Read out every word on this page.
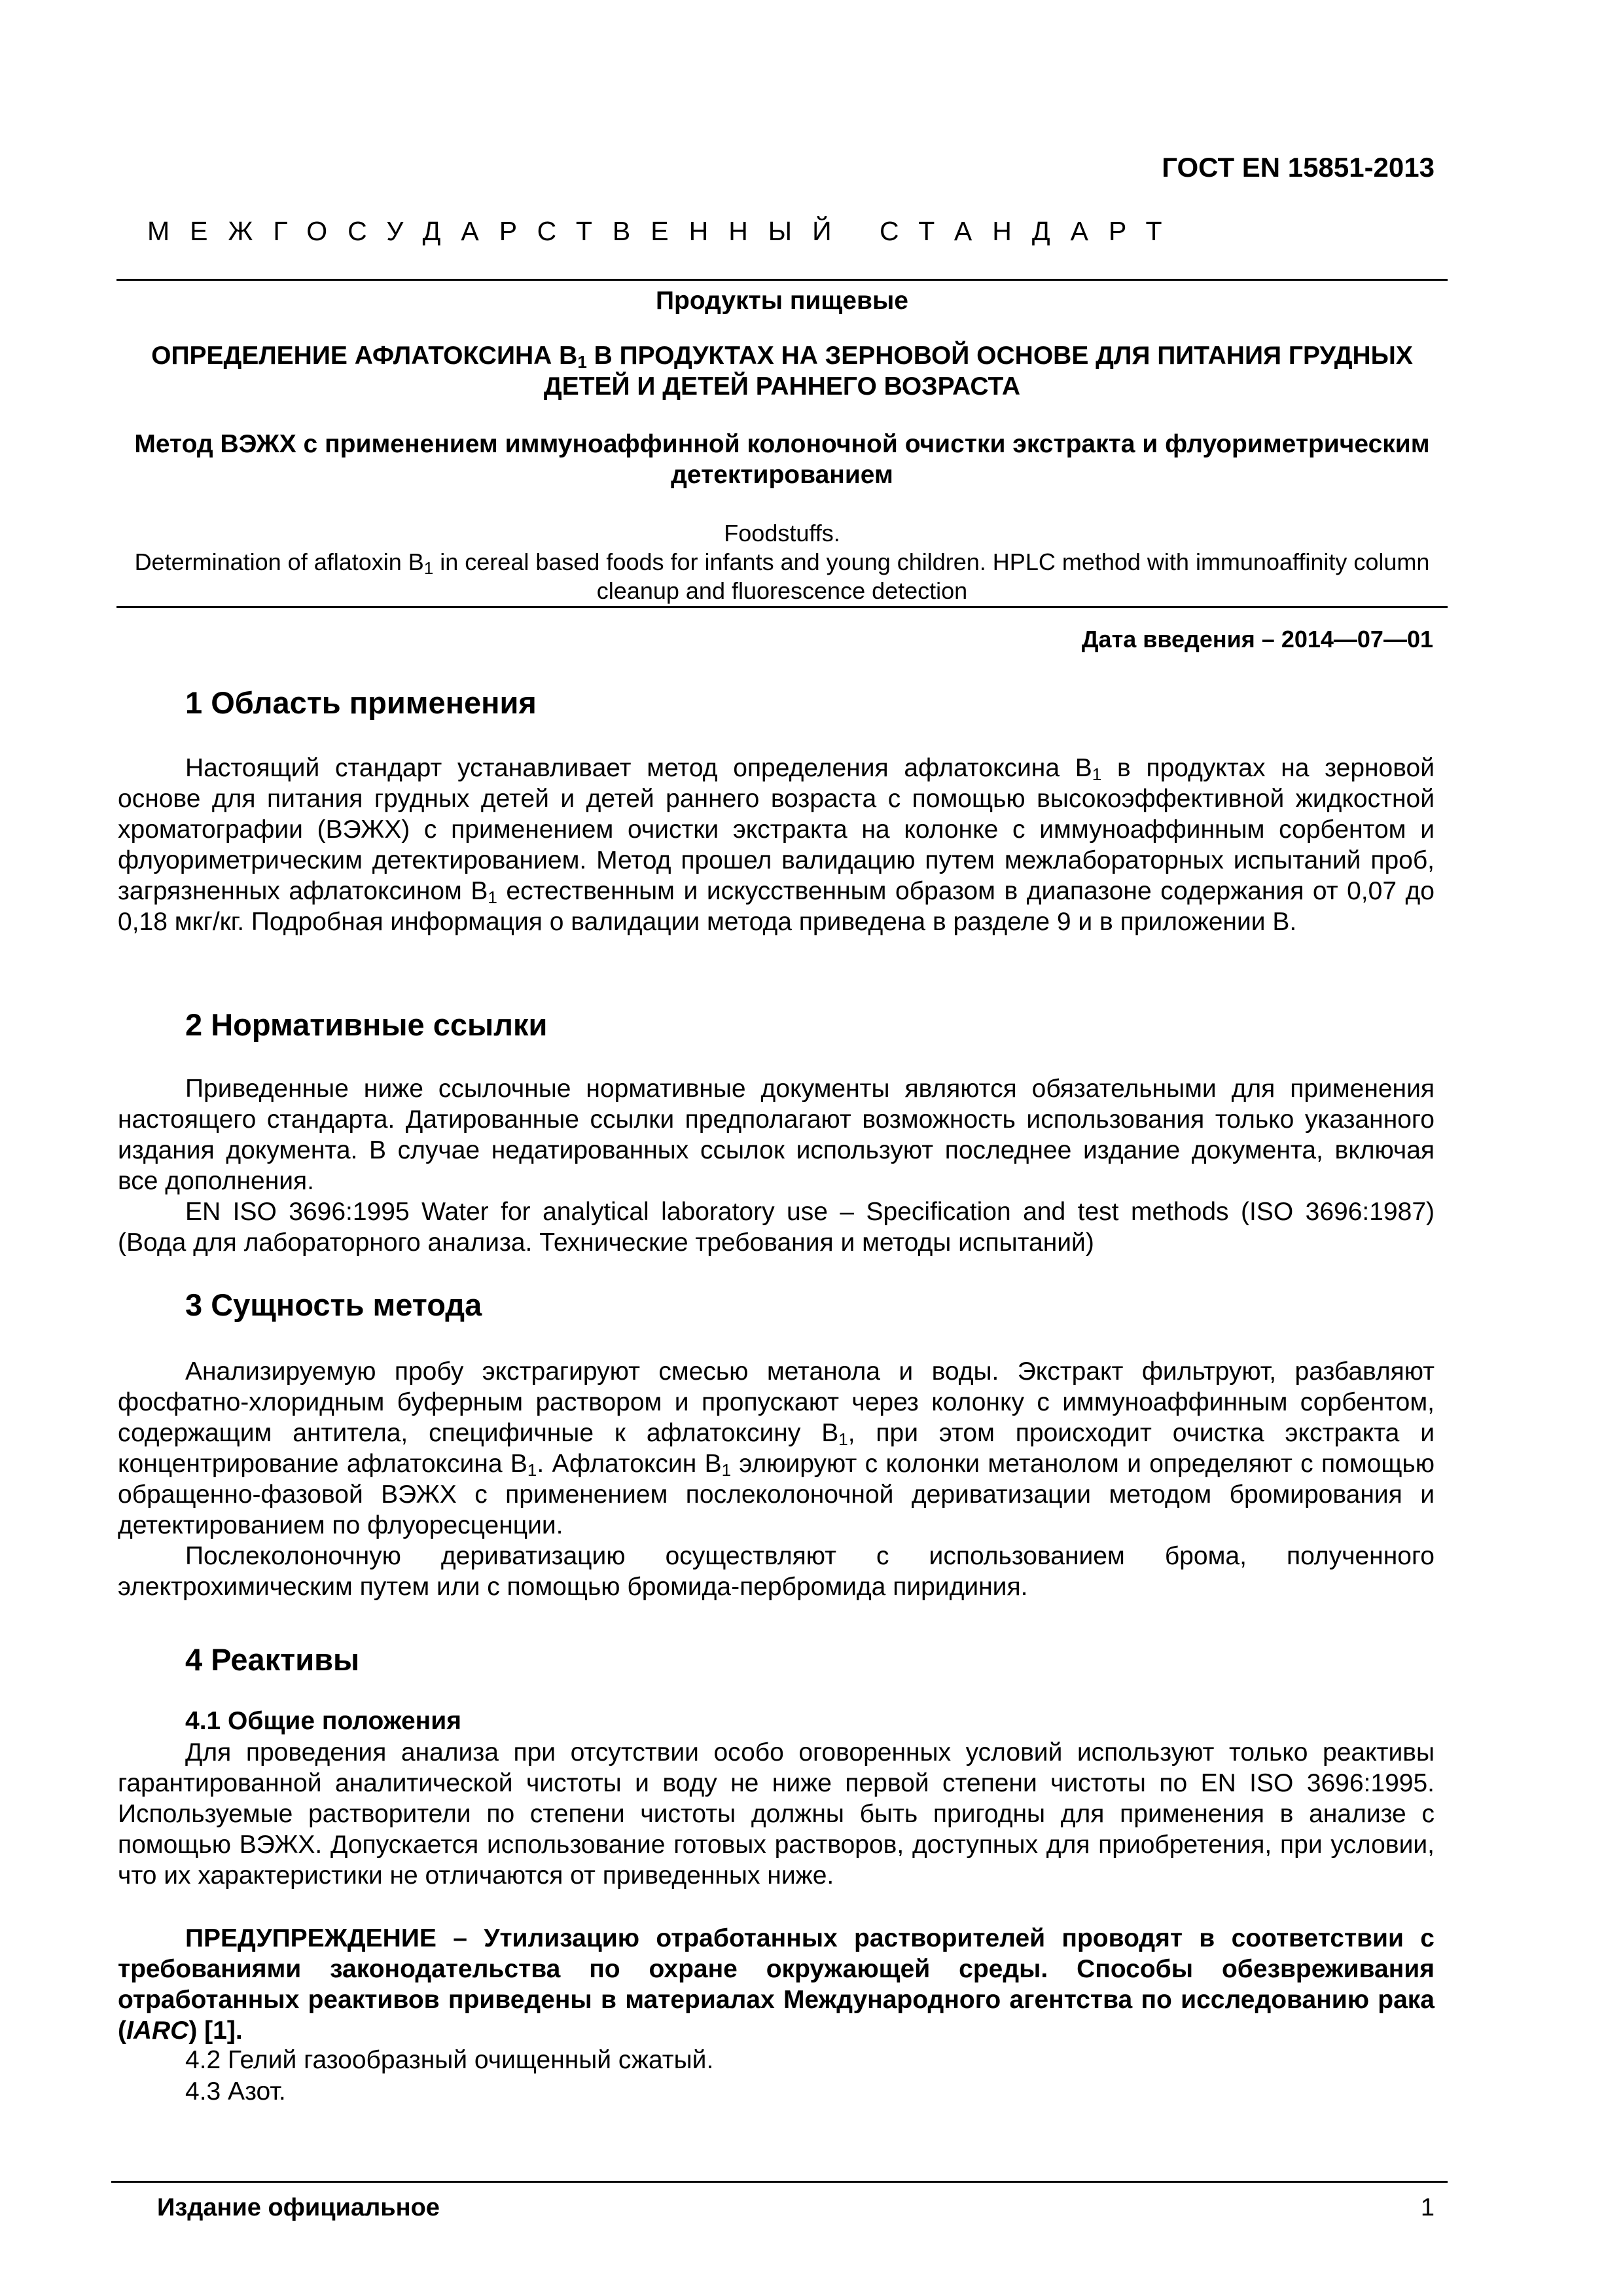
ГОСТ EN 15851-2013
МЕЖГОСУДАРСТВЕННЫЙ СТАНДАРТ
Продукты пищевые
ОПРЕДЕЛЕНИЕ АФЛАТОКСИНА $B_1$ В ПРОДУКТАХ НА ЗЕРНОВОЙ ОСНОВЕ ДЛЯ ПИТАНИЯ ГРУДНЫХ ДЕТЕЙ И ДЕТЕЙ РАННЕГО ВОЗРАСТА
Метод ВЭЖХ с применением иммуноаффинной колоночной очистки экстракта и флуориметрическим детектированием
Foodstuffs.
Determination of aflatoxin $B_1$ in cereal based foods for infants and young children. HPLC method with immunoaffinity column cleanup and fluorescence detection
Дата введения – 2014—07—01
1 Область применения

Настоящий стандарт устанавливает метод определения афлатоксина $B_1$ в продуктах на зерновой основе для питания грудных детей и детей раннего возраста с помощью высокоэффективной жидкостной хроматографии (ВЭЖХ) с применением очистки экстракта на колонке с иммуноаффинным сорбентом и флуориметрическим детектированием. Метод прошел валидацию путем межлабораторных испытаний проб, загрязненных афлатоксином $B_1$ естественным и искусственным образом в диапазоне содержания от 0,07 до 0,18 мкг/кг. Подробная информация о валидации метода приведена в разделе 9 и в приложении В.

2 Нормативные ссылки

Приведенные ниже ссылочные нормативные документы являются обязательными для применения настоящего стандарта. Датированные ссылки предполагают возможность использования только указанного издания документа. В случае недатированных ссылок используют последнее издание документа, включая все дополнения.

EN ISO 3696:1995 Water for analytical laboratory use – Specification and test methods (ISO 3696:1987) (Вода для лабораторного анализа. Технические требования и методы испытаний)

3 Сущность метода

Анализируемую пробу экстрагируют смесью метанола и воды. Экстракт фильтруют, разбавляют фосфатно-хлоридным буферным раствором и пропускают через колонку с иммуноаффинным сорбентом, содержащим антитела, специфичные к афлатоксину $B_1$, при этом происходит очистка экстракта и концентрирование афлатоксина $B_1$. Афлатоксин $B_1$ элюируют с колонки метанолом и определяют с помощью обращенно-фазовой ВЭЖХ с применением послеколоночной дериватизации методом бромирования и детектированием по флуоресценции.

Послеколоночную дериватизацию осуществляют с использованием брома, полученного электрохимическим путем или с помощью бромида-пербромида пиридиния.

4 Реактивы
4.1 Общие положения

Для проведения анализа при отсутствии особо оговоренных условий используют только реактивы гарантированной аналитической чистоты и воду не ниже первой степени чистоты по EN ISO 3696:1995. Используемые растворители по степени чистоты должны быть пригодны для применения в анализе с помощью ВЭЖХ. Допускается использование готовых растворов, доступных для приобретения, при условии, что их характеристики не отличаются от приведенных ниже.

ПРЕДУПРЕЖДЕНИЕ – Утилизацию отработанных растворителей проводят в соответствии с требованиями законодательства по охране окружающей среды. Способы обезвреживания отработанных реактивов приведены в материалах Международного агентства по исследованию рака (IARC) [1].

4.2 Гелий газообразный очищенный сжатый.
4.3 Азот.
Издание официальное	1
